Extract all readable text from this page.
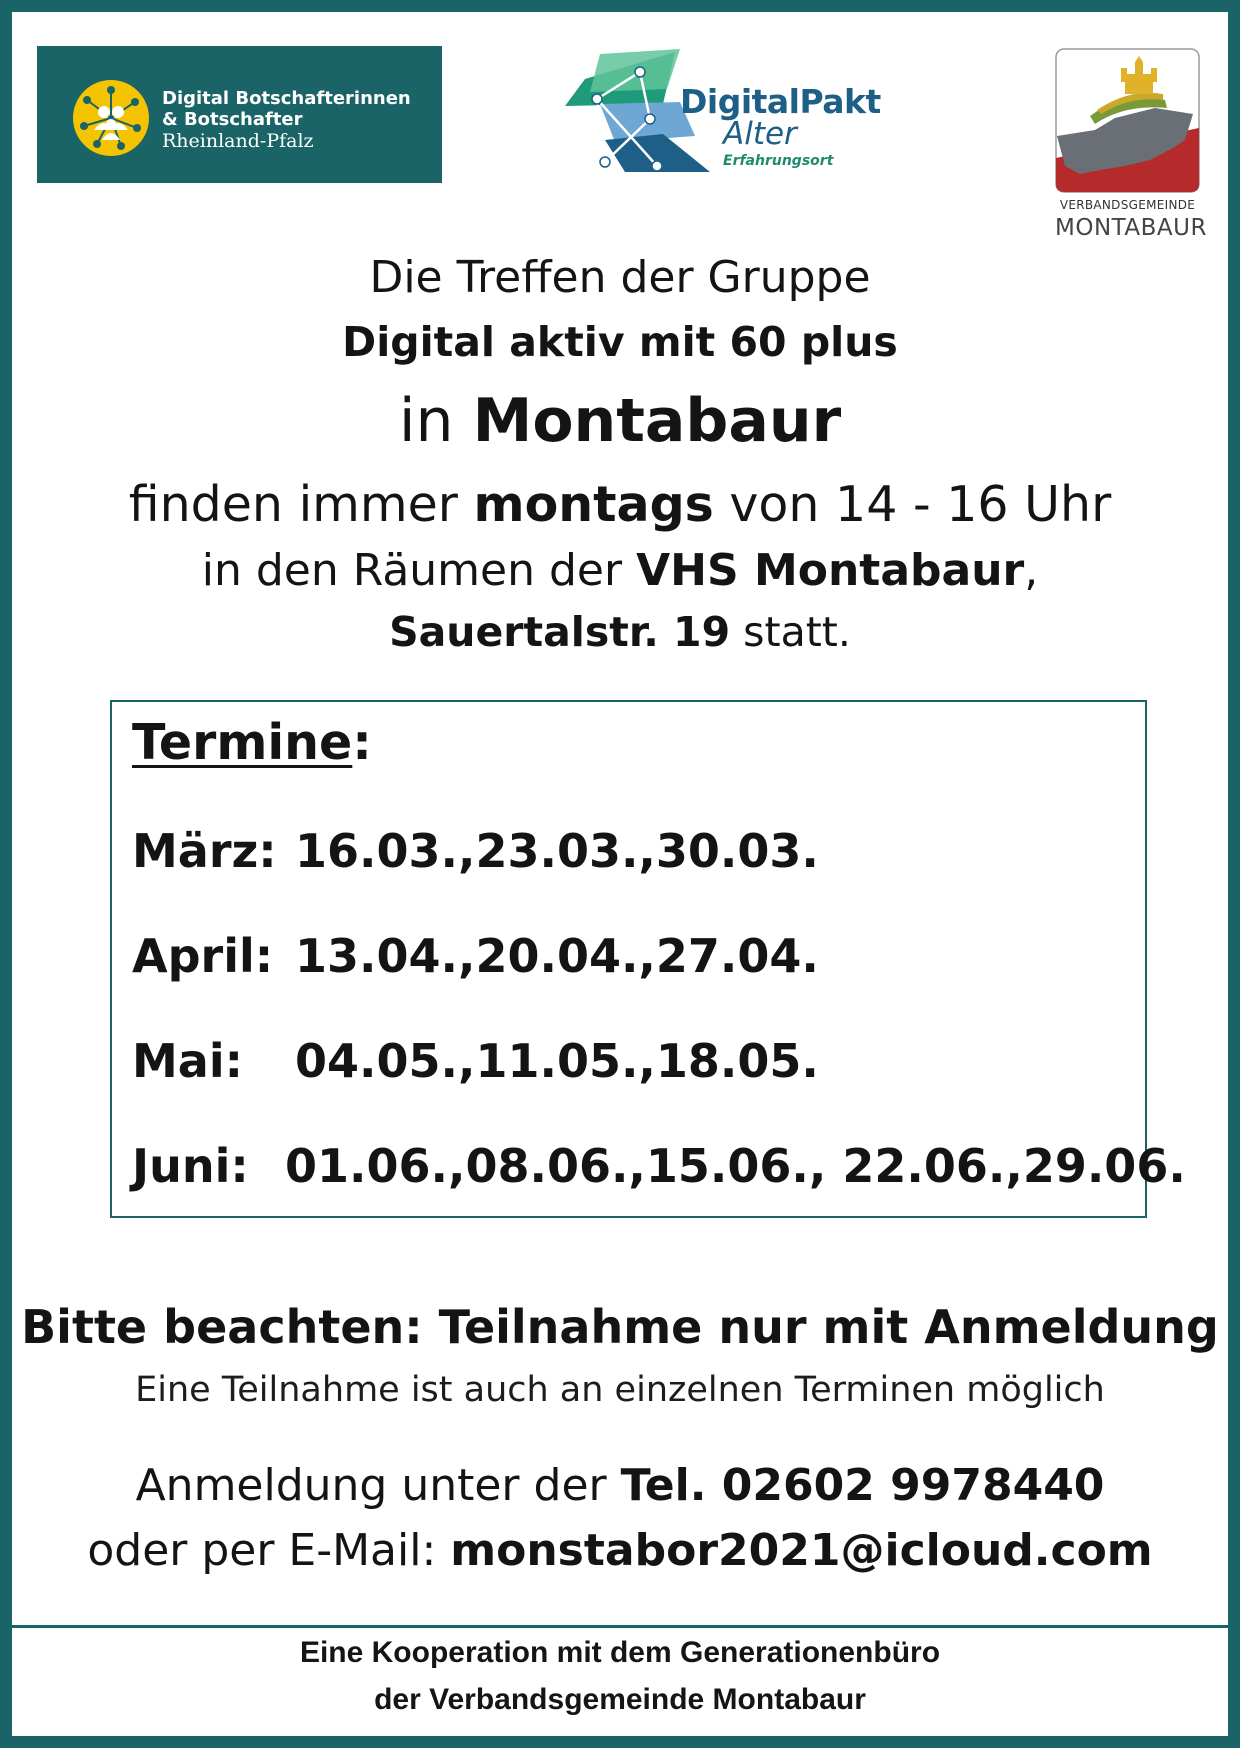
Digital Botschafterinnen
& Botschafter
Rheinland-Pfalz
DigitalPakt
Alter
Erfahrungsort
VERBANDSGEMEINDE
MONTABAUR
Die Treffen der Gruppe
Digital aktiv mit 60 plus
in Montabaur
finden immer montags von 14 - 16 Uhr
in den Räumen der VHS Montabaur,
Sauertalstr. 19 statt.
Termine:
März: 16.03.,23.03.,30.03.
April: 13.04.,20.04.,27.04.
Mai: 04.05.,11.05.,18.05.
Juni: 01.06.,08.06.,15.06., 22.06.,29.06.
Bitte beachten: Teilnahme nur mit Anmeldung
Eine Teilnahme ist auch an einzelnen Terminen möglich
Anmeldung unter der Tel. 02602 9978440
oder per E-Mail: monstabor2021@icloud.com
Eine Kooperation mit dem Generationenbüro
der Verbandsgemeinde Montabaur
